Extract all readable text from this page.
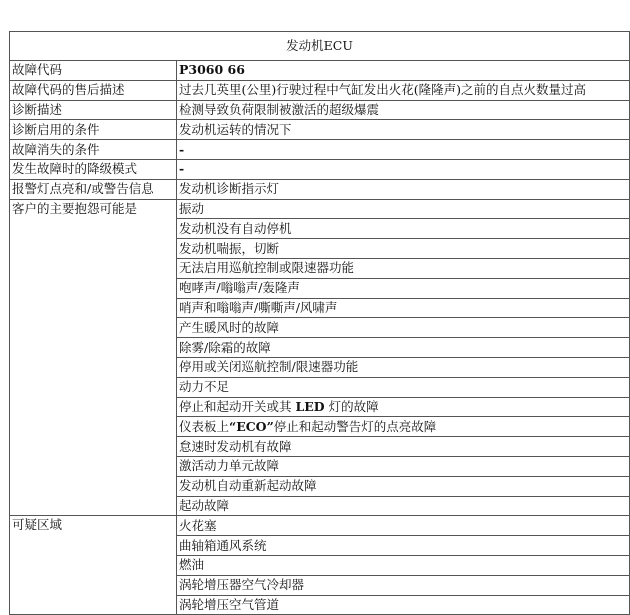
发动机ECU	
故障代码	P3060 66
故障代码的售后描述	过去几英里(公里)行驶过程中气缸发出火花(隆隆声)之前的自点火数量过高
诊断描述	检测导致负荷限制被激活的超级爆震
诊断启用的条件	发动机运转的情况下
故障消失的条件	-
发生故障时的降级模式	-
报警灯点亮和/或警告信息	发动机诊断指示灯
客户的主要抱怨可能是	振动
	发动机没有自动停机
	发动机喘振，切断
	无法启用巡航控制或限速器功能
	咆哮声/嗡嗡声/轰隆声
	哨声和嗡嗡声/嘶嘶声/风啸声
	产生暖风时的故障
	除雾/除霜的故障
	停用或关闭巡航控制/限速器功能
	动力不足
	停止和起动开关或其 LED 灯的故障
	仪表板上“ECO”停止和起动警告灯的点亮故障
	怠速时发动机有故障
	激活动力单元故障
	发动机自动重新起动故障
	起动故障
可疑区域	火花塞
	曲轴箱通风系统
	燃油
	涡轮增压器空气冷却器
	涡轮增压空气管道
